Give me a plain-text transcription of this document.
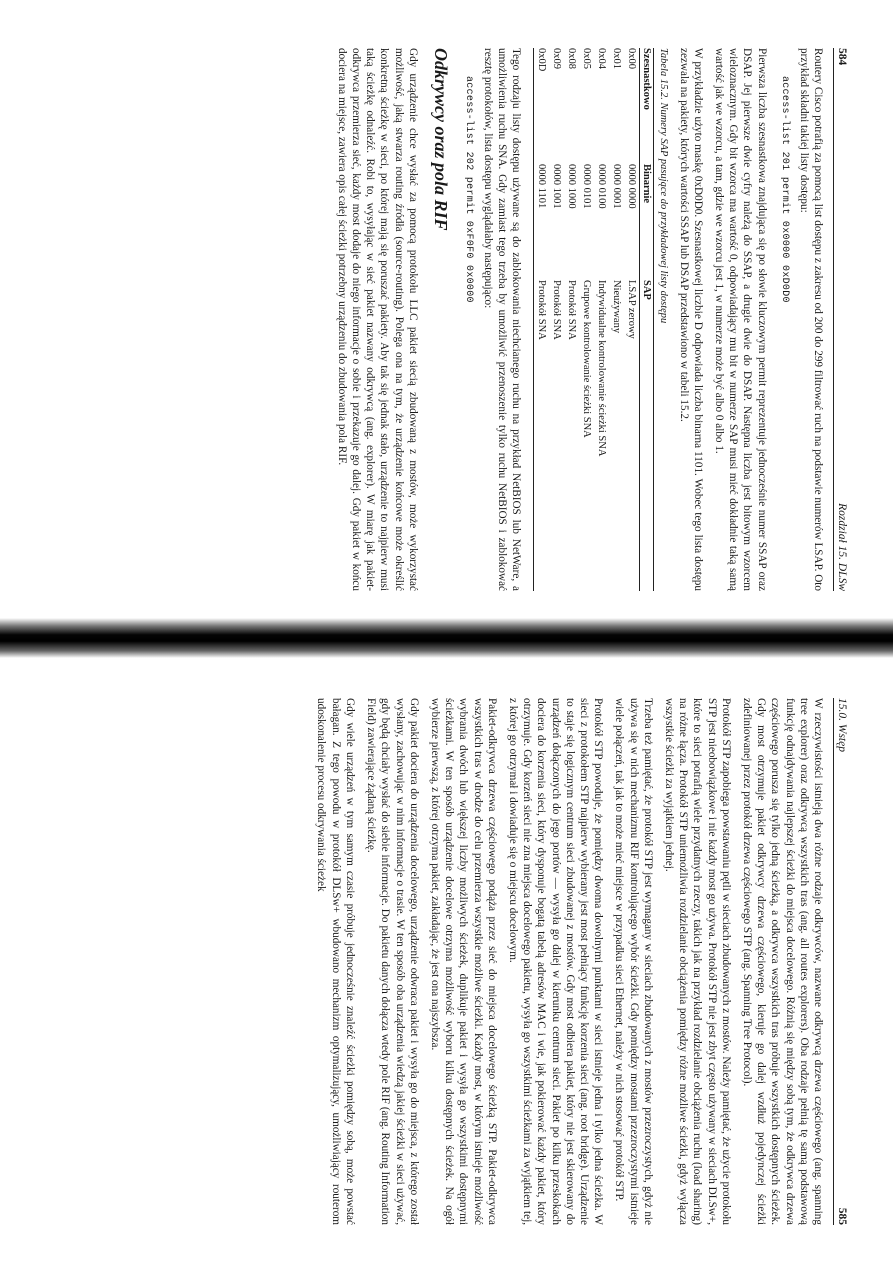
584
Rozdział 15. DLSw

Routery Cisco potrafią za pomocą list dostępu z zakresu od 200 do 299 filtrować ruch na podstawie numerów LSAP. Oto przykład składni takiej listy dostępu:

access-list 201 permit 0x0000 0xD0D0

Pierwsza liczba szesnastkowa znajdująca się po słowie kluczowym permit reprezentuje jednocześnie numer SSAP oraz DSAP. Jej pierwsze dwie cyfry należą do SSAP, a drugie dwie do DSAP. Następna liczba jest bitowym wzorcem wieloznacznym. Gdy bit wzorca ma wartość 0, odpowiadający mu bit w numerze SAP musi mieć dokładnie taką samą wartość jak we wzorcu, a tam, gdzie we wzorcu jest 1, w numerze może być albo 0 albo 1.

W przykładzie użyto maskę 0xD0D0. Szesnastkowej liczbie D odpowiada liczba binarna 1101. Wobec tego lista dostępu zezwala na pakiety, których wartości SSAP lub DSAP przedstawiono w tabeli 15.2.

Tabela 15.2. Numery SAP pasujące do przykładowej listy dostępu
Szesnastkowo	Binarnie	SAP
0x00	0000 0000	LSAP zerowy
0x01	0000 0001	Nieużywany
0x04	0000 0100	Indywidualne kontrolowanie ścieżki SNA
0x05	0000 0101	Grupowe kontrolowanie ścieżki SNA
0x08	0000 1000	Protokół SNA
0x09	0000 1001	Protokół SNA
0x0D	0000 1101	Protokół SNA

Tego rodzaju listy dostępu używane są do zablokowania niechcianego ruchu na przykład NetBIOS lub NetWare, a umożliwienia ruchu SNA. Gdy zamiast tego trzeba by umożliwić przenoszenie tylko ruchu NetBIOS i zablokować resztę protokołów, lista dostępu wyglądałaby następująco:

access-list 202 permit 0xF0F0 0x0000
Odkrywcy oraz pola RIF

Gdy urządzenie chce wysłać za pomocą protokołu LLC pakiet siecią zbudowaną z mostów, może wykorzystać możliwość, jaką stwarza routing źródła (source-routing). Polega ona na tym, że urządzenie końcowe może określić konkretną ścieżkę w sieci, po której mają się poruszać pakiety. Aby tak się jednak stało, urządzenie to najpierw musi taką ścieżkę odnaleźć. Robi to, wysyłając w sieć pakiet nazwany odkrywcą (ang. explorer). W miarę jak pakiet-odkrywca przemierza sieć, każdy most dodaje do niego informacje o sobie i przekazuje go dalej. Gdy pakiet w końcu dociera na miejsce, zawiera opis całej ścieżki potrzebny urządzeniu do zbudowania pola RIF.

15.0. Wstęp
585

W rzeczywistości istnieją dwa różne rodzaje odkrywców, nazwane odkrywcą drzewa częściowego (ang. spanning tree explorer) oraz odkrywcą wszystkich tras (ang. all routes explorers). Oba rodzaje pełnią tę samą podstawową funkcję odnajdywania najlepszej ścieżki do miejsca docelowego. Różnią się między sobą tym, że odkrywca drzewa częściowego porusza się tylko jedną ścieżką, a odkrywca wszystkich tras próbuje wszystkich dostępnych ścieżek. Gdy most otrzymuje pakiet odkrywcy drzewa częściowego, kieruje go dalej wzdłuż pojedynczej ścieżki zdefiniowanej przez protokół drzewa częściowego STP (ang. Spanning Tree Protocol).

Protokół STP zapobiega powstawaniu pętli w sieciach zbudowanych z mostów. Należy pamiętać, że użycie protokołu STP jest nieobowiązkowe i nie każdy most go używa. Protokół STP nie jest zbyt często używany w sieciach DLSw+, które to sieci potrafią wiele przydatnych rzeczy, takich jak na przykład rozdzielanie obciążenia ruchu (load sharing) na różne łącza. Protokół STP uniemożliwia rozdzielanie obciążenia pomiędzy różne możliwe ścieżki, gdyż wyłącza wszystkie ścieżki za wyjątkiem jednej.

Trzeba też pamiętać, że protokół STP jest wymagany w sieciach zbudowanych z mostów przezroczystych, gdyż nie używa się w nich mechanizmu RIF kontrolującego wybór ścieżki. Gdy pomiędzy mostami przezroczystymi istnieje wiele połączeń, tak jak to może mieć miejsce w przypadku sieci Ethernet, należy w nich stosować protokół STP.

Protokół STP powoduje, że pomiędzy dwoma dowolnymi punktami w sieci istnieje jedna i tylko jedna ścieżka. W sieci z protokołem STP najpierw wybierany jest most pełniący funkcję korzenia sieci (ang. root bridge). Urządzenie to staje się logicznym centrum sieci zbudowanej z mostów. Gdy most odbiera pakiet, który nie jest skierowany do urządzeń dołączonych do jego portów — wysyła go dalej w kierunku centrum sieci. Pakiet po kilku przeskokach dociera do korzenia sieci, który dysponuje bogatą tabelą adresów MAC i wie, jak pokierować każdy pakiet, który otrzymuje. Gdy korzeń sieci nie zna miejsca docelowego pakietu, wysyła go wszystkimi ścieżkami za wyjątkiem tej, z której go otrzymał i dowiaduje się o miejscu docelowym.

Pakiet-odkrywca drzewa częściowego podąża przez sieć do miejsca docelowego ścieżką STP. Pakiet-odkrywca wszystkich tras w drodze do celu przemierza wszystkie możliwe ścieżki. Każdy most, w którym istnieje możliwość wybrania dwóch lub większej liczby możliwych ścieżek, duplikuje pakiet i wysyła go wszystkimi dostępnymi ścieżkami. W ten sposób urządzenie docelowe otrzyma możliwość wyboru kilku dostępnych ścieżek. Na ogół wybierze pierwszą, z której otrzyma pakiet, zakładając, że jest ona najszybsza.

Gdy pakiet dociera do urządzenia docelowego, urządzenie odwraca pakiet i wysyła go do miejsca, z którego został wysłany, zachowując w nim informacje o trasie. W ten sposób oba urządzenia wiedzą jakiej ścieżki w sieci używać, gdy będą chciały wysłać do siebie informacje. Do pakietu danych dołącza wtedy pole RIF (ang. Routing Information Field) zawierające żądaną ścieżkę.

Gdy wiele urządzeń w tym samym czasie próbuje jednocześnie znaleźć ścieżki pomiędzy sobą, może powstać bałagan. Z tego powodu w protokół DLSw+ wbudowano mechanizm optymalizujący, umożliwiający routerom udoskonalenie procesu odkrywania ścieżek
